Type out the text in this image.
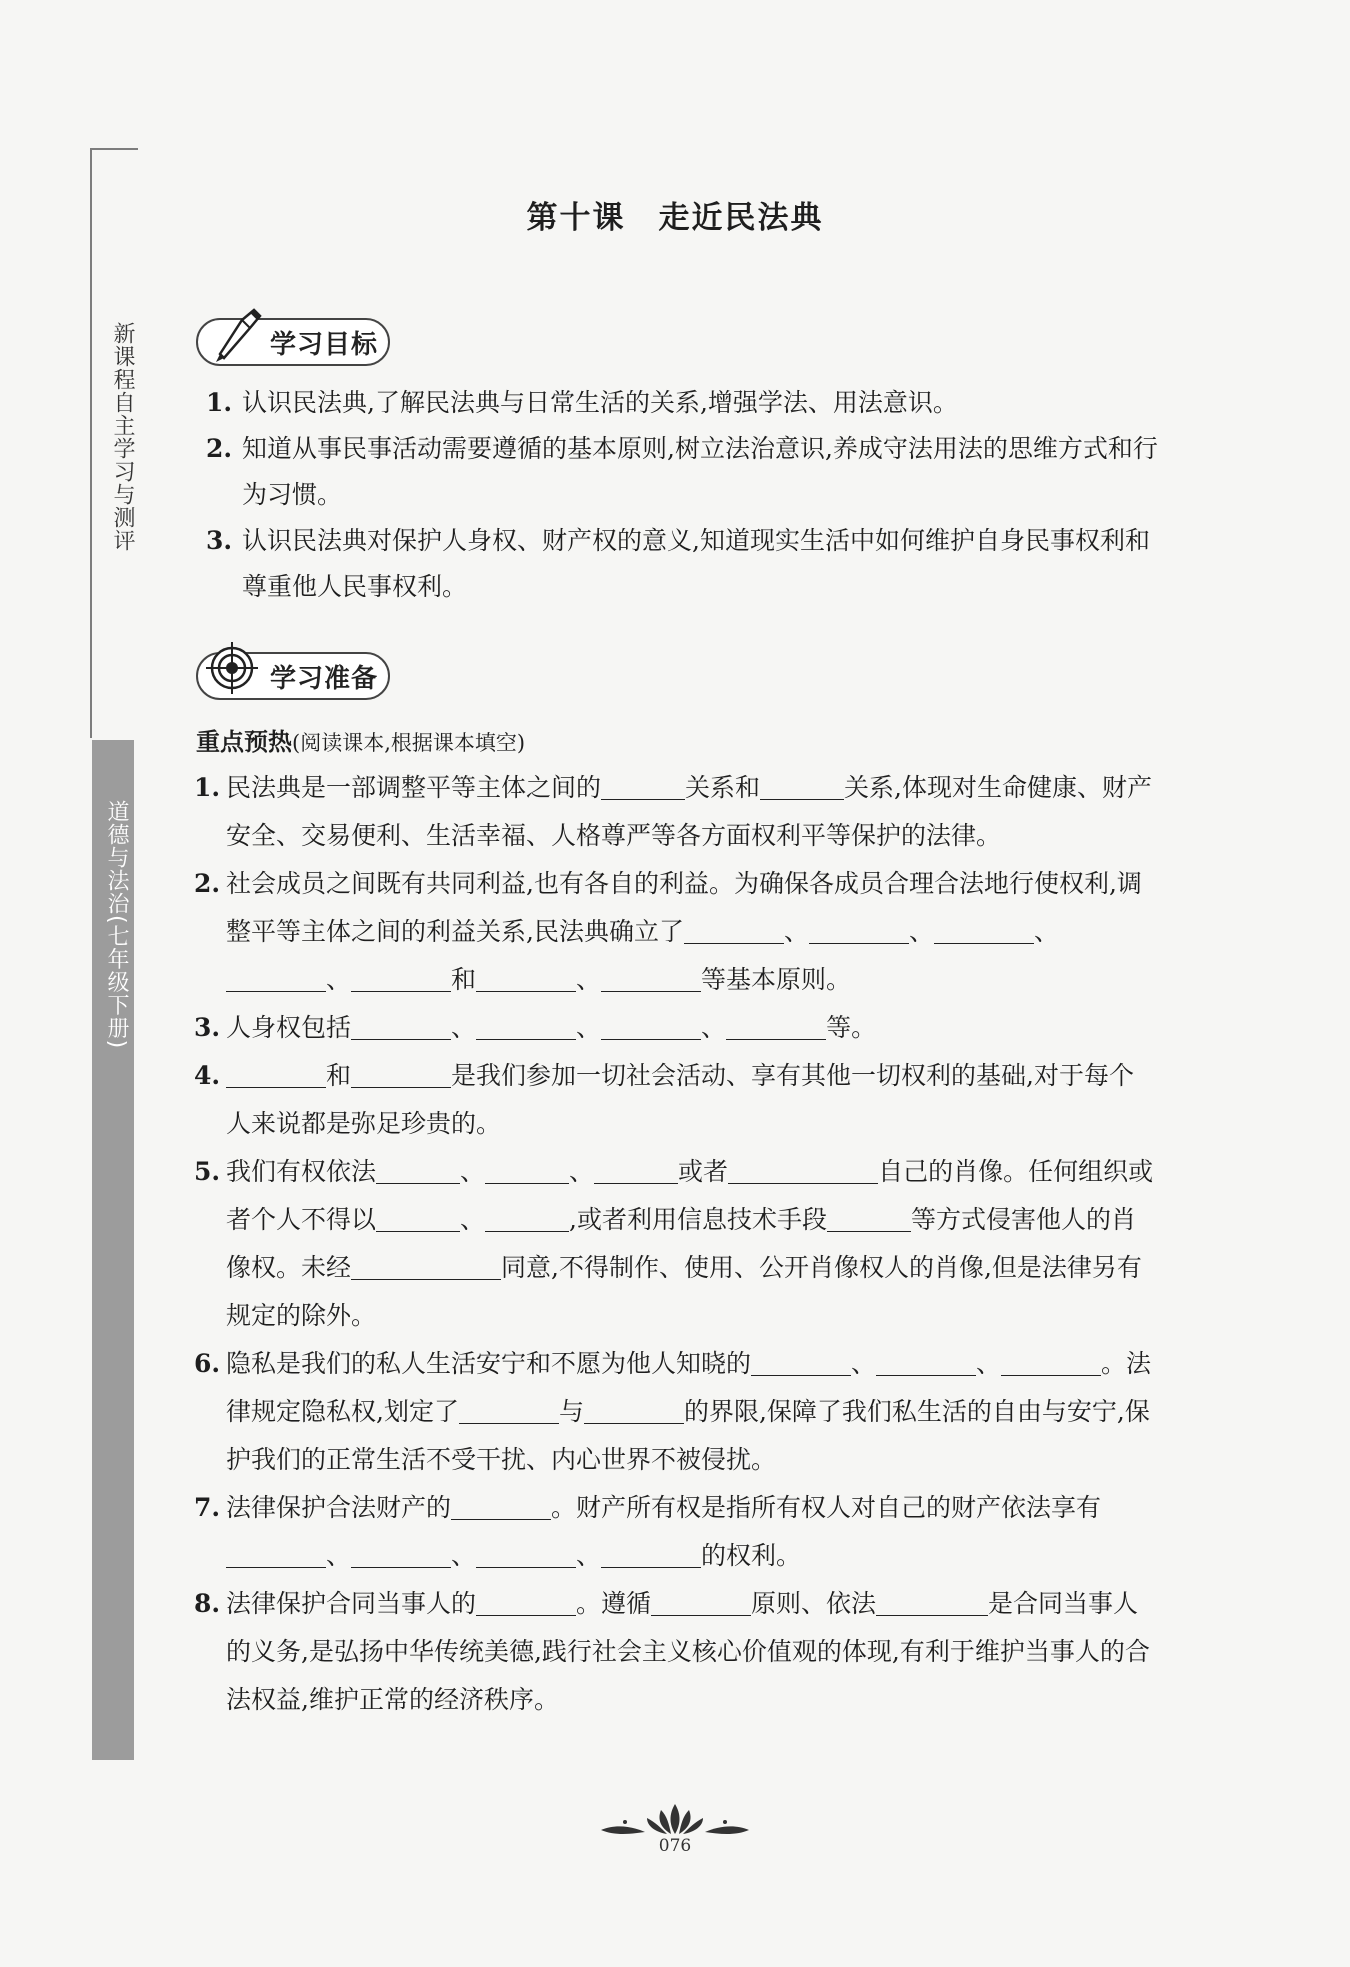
新课程自主学习与测评
道德与法治(七年级下册)
第十课　走近民法典
学习目标
1. 认识民法典,了解民法典与日常生活的关系,增强学法、用法意识。
2. 知道从事民事活动需要遵循的基本原则,树立法治意识,养成守法用法的思维方式和行为习惯。
3. 认识民法典对保护人身权、财产权的意义,知道现实生活中如何维护自身民事权利和尊重他人民事权利。
学习准备
重点预热(阅读课本,根据课本填空)
1. 民法典是一部调整平等主体之间的	关系和	关系,体现对生命健康、财产安全、交易便利、生活幸福、人格尊严等各方面权利平等保护的法律。
2. 社会成员之间既有共同利益,也有各自的利益。为确保各成员合理合法地行使权利,调整平等主体之间的利益关系,民法典确立了	、	、	、、	和	、	等基本原则。
3. 人身权包括	、	、	、	等。
4.	和	是我们参加一切社会活动、享有其他一切权利的基础,对于每个人来说都是弥足珍贵的。
5. 我们有权依法	、	、	或者	自己的肖像。任何组织或者个人不得以	、	,或者利用信息技术手段	等方式侵害他人的肖像权。未经	同意,不得制作、使用、公开肖像权人的肖像,但是法律另有规定的除外。
6. 隐私是我们的私人生活安宁和不愿为他人知晓的	、	、	。法律规定隐私权,划定了	与	的界限,保障了我们私生活的自由与安宁,保护我们的正常生活不受干扰、内心世界不被侵扰。
7. 法律保护合法财产的	。财产所有权是指所有权人对自己的财产依法享有、	、	、	的权利。
8. 法律保护合同当事人的	。遵循	原则、依法	是合同当事人的义务,是弘扬中华传统美德,践行社会主义核心价值观的体现,有利于维护当事人的合法权益,维护正常的经济秩序。
076
